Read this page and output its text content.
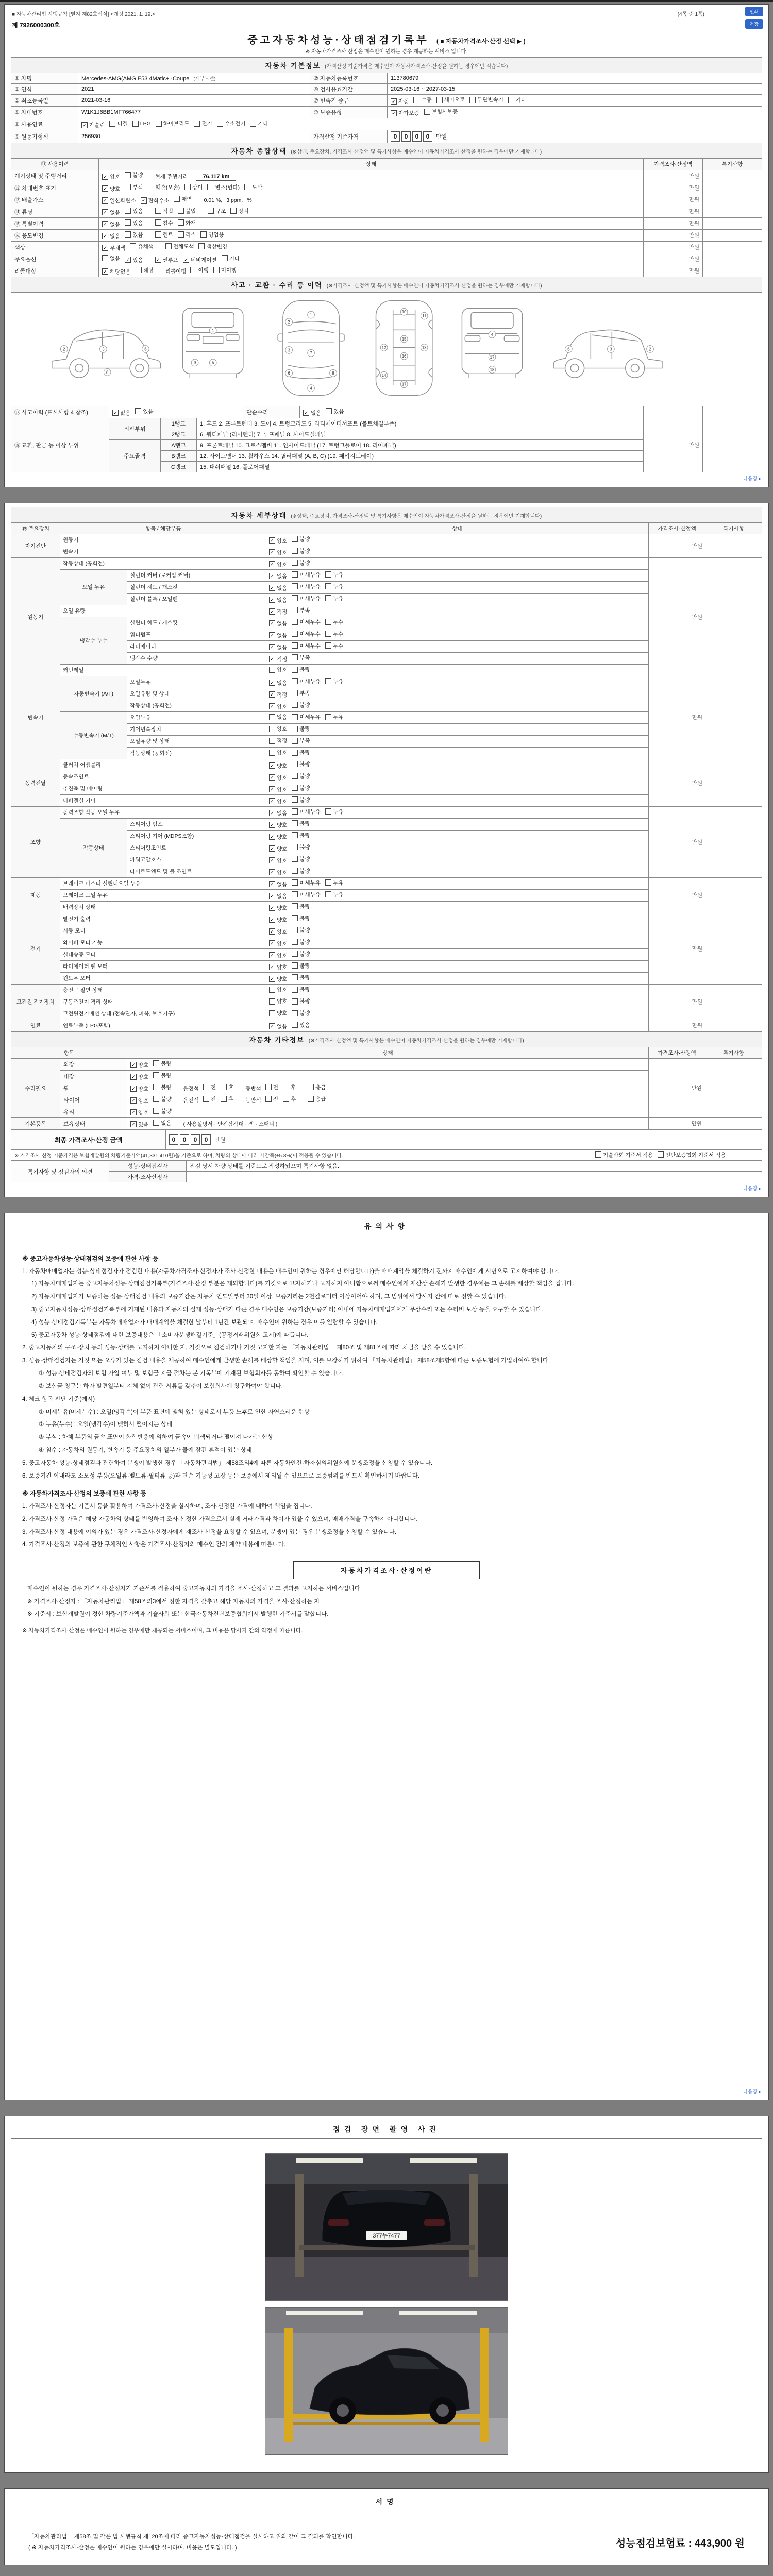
인쇄
저장
■ 자동차관리법 시행규칙 [별지 제82호서식] <개정 2021. 1. 19.>	(4쪽 중 1쪽)
제 7926000300호
중고자동차성능·상태점검기록부 ( ■ 자동차가격조사·산정 선택 ▶ )
※ 자동차가격조사·산정은 매수인이 원하는 경우 제공하는 서비스 입니다.
자동차 기본정보 (가격산정 기준가격은 매수인이 자동차가격조사·산정을 원하는 경우에만 적습니다)			
① 차명	Mercedes-AMG(AMG E53 4Matic+ ·Coupe (세부모델)	② 자동차등록번호	113780679
③ 연식	2021	④ 검사유효기간	2025-03-16 ~ 2027-03-15
⑤ 최초등록일	2021-03-16	⑦ 변속기 종류	✓ 자동 수동 세미오토 무단변속기 기타

⑥ 차대번호	W1K1J6BB1MF766477	⑩ 보증유형	✓ 자가보증 보험사보증

⑧ 사용연료	✓ 가솔린 디젤 LPG 하이브리드 전기 수소전기 기타

⑨ 원동기형식	256930	가격산정 기준가격	0 0 0 0 만원
자동차 종합상태 (※상태, 주요장치, 가격조사·산정액 및 특기사항은 매수인이 자동차가격조사·산정을 원하는 경우에만 기재합니다)			
⑪ 사용이력	상태	가격조사·산정액	특기사항
계기상태 및 주행거리	✓ 양호 불량 현재 주행거리 76,117 km	만원	
⑫ 차대번호 표기	✓ 양호 부식 훼손(오손) 상이 변조(변타) 도말	만원	
⑬ 배출가스	✓ 일산화탄소 ✓ 탄화수소 매연 0.01 %, 3 ppm, %	만원	
⑭ 튜닝	✓ 없음 있음	적법 불법	구조 장치	만원	
⑮ 특별이력	✓ 없음 있음 침수 화재	만원	
⑯ 용도변경	✓ 없음 있음	렌트 리스 영업용	만원	
색상	✓ 무채색 유채색 전체도색 색상변경	만원	
주요옵션	없음 ✓ 있음	✓ 썬루프 ✓ 네비게이션 기타	만원	
리콜대상	✓ 해당없음 해당 리콜이행 이행 미이행	만원	
사고 · 교환 · 수리 등 이력 (※가격조사·산정액 및 특기사항은 매수인이 자동차가격조사·산정을 원하는 경우에만 기재합니다)

2	3	6
8
1
5
9
1
7
4
2
3
6	8
10
15
16
17
12	13
14
11
4
17
18
2
3
6
⑰ 사고이력 (표시사항 4 참조)	✓ 없음 있음	단순수리	✓ 없음 있음

⑱ 교환, 판금 등 이상 부위	외판부위	1랭크	1. 후드 2. 프론트펜더 3. 도어 4. 트렁크리드 5. 라디에이터서포트 (볼트체결부품)	만원	
		2랭크	6. 쿼터패널 (리어펜더) 7. 루프패널 8. 사이드실패널		
	주요골격	A랭크	9. 프론트패널 10. 크로스멤버 11. 인사이드패널 (17. 트렁크플로어 18. 리어패널)		
		B랭크	12. 사이드멤버 13. 휠하우스 14. 필러패널 (A, B, C) (19. 패키지트레이)		
		C랭크	15. 대쉬패널 16. 플로어패널		
다음장 ▸
자동차 세부상태 (※상태, 주요장치, 가격조사·산정액 및 특기사항은 매수인이 자동차가격조사·산정을 원하는 경우에만 기재합니다)					
⑲ 주요장치	항목 / 해당부품		상태	가격조사·산정액	특기사항
자기진단	원동기		✓ 양호 불량	만원	
	변속기		✓ 양호 불량		

원동기	작동상태 (공회전)		✓ 양호 불량	만원	
	오일 누유	실린더 커버 (로커암 커버)	✓ 없음 미세누유 누유		

		실린더 헤드 / 개스킷	✓ 없음 미세누유 누유		

		실린더 블록 / 오일팬	✓ 없음 미세누유 누유		

	오일 유량		✓ 적정 부족		

	냉각수 누수	실린더 헤드 / 개스킷	✓ 없음 미세누수 누수		

		워터펌프	✓ 없음 미세누수 누수		

		라디에이터	✓ 없음 미세누수 누수		

		냉각수 수량	✓ 적정 부족		

	커먼레일		양호 불량		

변속기	자동변속기 (A/T)	오일누유	✓ 없음 미세누유 누유	만원	
		오일유량 및 상태	✓ 적정 부족		

		작동상태 (공회전)	✓ 양호 불량		

	수동변속기 (M/T)	오일누유	없음 미세누유 누유		

		기어변속장치	양호 불량		

		오일유량 및 상태	적정 부족		

		작동상태 (공회전)	양호 불량		

동력전달	클러치 어셈블리		✓ 양호 불량	만원	
	등속조인트		✓ 양호 불량		

	추진축 및 베어링		✓ 양호 불량		

	디퍼렌셜 기어		✓ 양호 불량		

조향	동력조향 작동 오일 누유		✓ 없음 미세누유 누유	만원	
	작동상태	스티어링 펌프	✓ 양호 불량		

		스티어링 기어 (MDPS포함)	✓ 양호 불량		

		스티어링조인트	✓ 양호 불량		

		파워고압호스	✓ 양호 불량		

		타이로드엔드 및 볼 조인트	✓ 양호 불량		

제동	브레이크 마스터 실린더오일 누유		✓ 없음 미세누유 누유	만원	
	브레이크 오일 누유		✓ 없음 미세누유 누유		

	배력장치 상태		✓ 양호 불량		

전기	발전기 출력		✓ 양호 불량	만원	
	시동 모터		✓ 양호 불량		

	와이퍼 모터 기능		✓ 양호 불량		

	실내송풍 모터		✓ 양호 불량		

	라디에이터 팬 모터		✓ 양호 불량		

	윈도우 모터		✓ 양호 불량		

고전원 전기장치	충전구 절연 상태		양호 불량	만원	
	구동축전지 격리 상태		양호 불량		

	고전원전기배선 상태 (접속단자, 피복, 보호기구)		양호 불량		

연료	연료누출 (LPG포함)		✓ 없음 있음	만원	
자동차 기타정보 (※가격조사·산정액 및 특기사항은 매수인이 자동차가격조사·산정을 원하는 경우에만 기재합니다)				
항목		상태	가격조사·산정액	특기사항
수리필요	외장	✓ 양호 불량	만원	
	내장	✓ 양호 불량		

휠	✓ 양호 불량 운전석 전 후 동반석 전 후	응급

타이어	✓ 양호 불량 운전석 전 후 동반석 전 후	응급

	유리	✓ 양호 불량		

기본품목	보유상태	✓ 있음 없음 ( 사용설명서 · 안전삼각대 · 잭 · 스패너 )	만원	
최종 가격조사·산정 금액	0 0 0 0 만원	
※ 가격조사·산정 기준가격은 보험개발원의 차량기준가액(41,331,410원)을 기준으로 하며, 차량의 상태에 따라 가감폭(±5.8%)이 적용될 수 있습니다.		기술사회 기준서 적용 진단보증협회 기준서 적용
특기사항 및 점검자의 의견	성능·상태점검자	점검 당시 차량 상태를 기준으로 작성하였으며 특기사항 없음.
	가격·조사산정자	
다음장 ▸
유의사항
※ 중고자동차성능·상태점검의 보증에 관한 사항 등
1. 자동차매매업자는 성능·상태점검자가 점검한 내용(자동차가격조사·산정자가 조사·산정한 내용은 매수인이 원하는 경우에만 해당합니다)을 매매계약을 체결하기 전까지 매수인에게 서면으로 고지하여야 합니다.
1) 자동차매매업자는 중고자동차성능·상태점검기록부(가격조사·산정 부분은 제외합니다)를 거짓으로 고지하거나 고지하지 아니함으로써 매수인에게 재산상 손해가 발생한 경우에는 그 손해를 배상할 책임을 집니다.
2) 자동차매매업자가 보증하는 성능·상태점검 내용의 보증기간은 자동차 인도일부터 30일 이상, 보증거리는 2천킬로미터 이상이어야 하며, 그 범위에서 당사자 간에 따로 정할 수 있습니다.
3) 중고자동차성능·상태점검기록부에 기재된 내용과 자동차의 실제 성능·상태가 다른 경우 매수인은 보증기간(보증거리) 이내에 자동차매매업자에게 무상수리 또는 수리비 보상 등을 요구할 수 있습니다.
4) 성능·상태점검기록부는 자동차매매업자가 매매계약을 체결한 날부터 1년간 보관되며, 매수인이 원하는 경우 이를 열람할 수 있습니다.
5) 중고자동차 성능·상태점검에 대한 보증내용은 「소비자분쟁해결기준」(공정거래위원회 고시)에 따릅니다.
2. 중고자동차의 구조·장치 등의 성능·상태를 고지하지 아니한 자, 거짓으로 점검하거나 거짓 고지한 자는 「자동차관리법」 제80조 및 제81조에 따라 처벌을 받을 수 있습니다.
3. 성능·상태점검자는 거짓 또는 오류가 있는 점검 내용을 제공하여 매수인에게 발생한 손해를 배상할 책임을 지며, 이를 보장하기 위하여 「자동차관리법」 제58조제5항에 따른 보증보험에 가입하여야 합니다.
① 성능·상태점검자의 보험 가입 여부 및 보험금 지급 절차는 본 기록부에 기재된 보험회사를 통하여 확인할 수 있습니다.
② 보험금 청구는 하자 발견일부터 지체 없이 관련 서류를 갖추어 보험회사에 청구하여야 합니다.
4. 체크 항목 판단 기준(예시)
① 미세누유(미세누수) : 오일(냉각수)이 부품 표면에 맺혀 있는 상태로서 부품 노후로 인한 자연스러운 현상
② 누유(누수) : 오일(냉각수)이 맺혀서 떨어지는 상태
③ 부식 : 차체 부품의 금속 표면이 화학반응에 의하여 금속이 퇴색되거나 떨어져 나가는 현상
④ 침수 : 자동차의 원동기, 변속기 등 주요장치의 일부가 물에 잠긴 흔적이 있는 상태
5. 중고자동차 성능·상태점검과 관련하여 분쟁이 발생한 경우 「자동차관리법」 제58조의4에 따른 자동차안전·하자심의위원회에 분쟁조정을 신청할 수 있습니다.
6. 보증기간 이내라도 소모성 부품(오일류·벨트류·필터류 등)과 단순 기능성 고장 등은 보증에서 제외될 수 있으므로 보증범위를 반드시 확인하시기 바랍니다.
※ 자동차가격조사·산정의 보증에 관한 사항 등
1. 가격조사·산정자는 기준서 등을 활용하여 가격조사·산정을 실시하며, 조사·산정한 가격에 대하여 책임을 집니다.
2. 가격조사·산정 가격은 해당 자동차의 상태를 반영하여 조사·산정한 가격으로서 실제 거래가격과 차이가 있을 수 있으며, 매매가격을 구속하지 아니합니다.
3. 가격조사·산정 내용에 이의가 있는 경우 가격조사·산정자에게 재조사·산정을 요청할 수 있으며, 분쟁이 있는 경우 분쟁조정을 신청할 수 있습니다.
4. 가격조사·산정의 보증에 관한 구체적인 사항은 가격조사·산정자와 매수인 간의 계약 내용에 따릅니다.
자동차가격조사·산정이란
매수인이 원하는 경우 가격조사·산정자가 기준서를 적용하여 중고자동차의 가격을 조사·산정하고 그 결과를 고지하는 서비스입니다.
※ 가격조사·산정자 : 「자동차관리법」 제58조의3에서 정한 자격을 갖추고 해당 자동차의 가격을 조사·산정하는 자
※ 기준서 : 보험개발원이 정한 차량기준가액과 기술사회 또는 한국자동차진단보증협회에서 발행한 기준서를 말합니다.
※ 자동차가격조사·산정은 매수인이 원하는 경우에만 제공되는 서비스이며, 그 비용은 당사자 간의 약정에 따릅니다.
다음장 ▸
점검 장면 촬영 사진
377누7477
서명
「자동차관리법」 제58조 및 같은 법 시행규칙 제120조에 따라 중고자동차성능·상태점검을 실시하고 위와 같이 그 결과를 확인합니다.
( ※ 자동차가격조사·산정은 매수인이 원하는 경우에만 실시하며, 비용은 별도입니다. )	성능점검보험료 : 443,900 원
